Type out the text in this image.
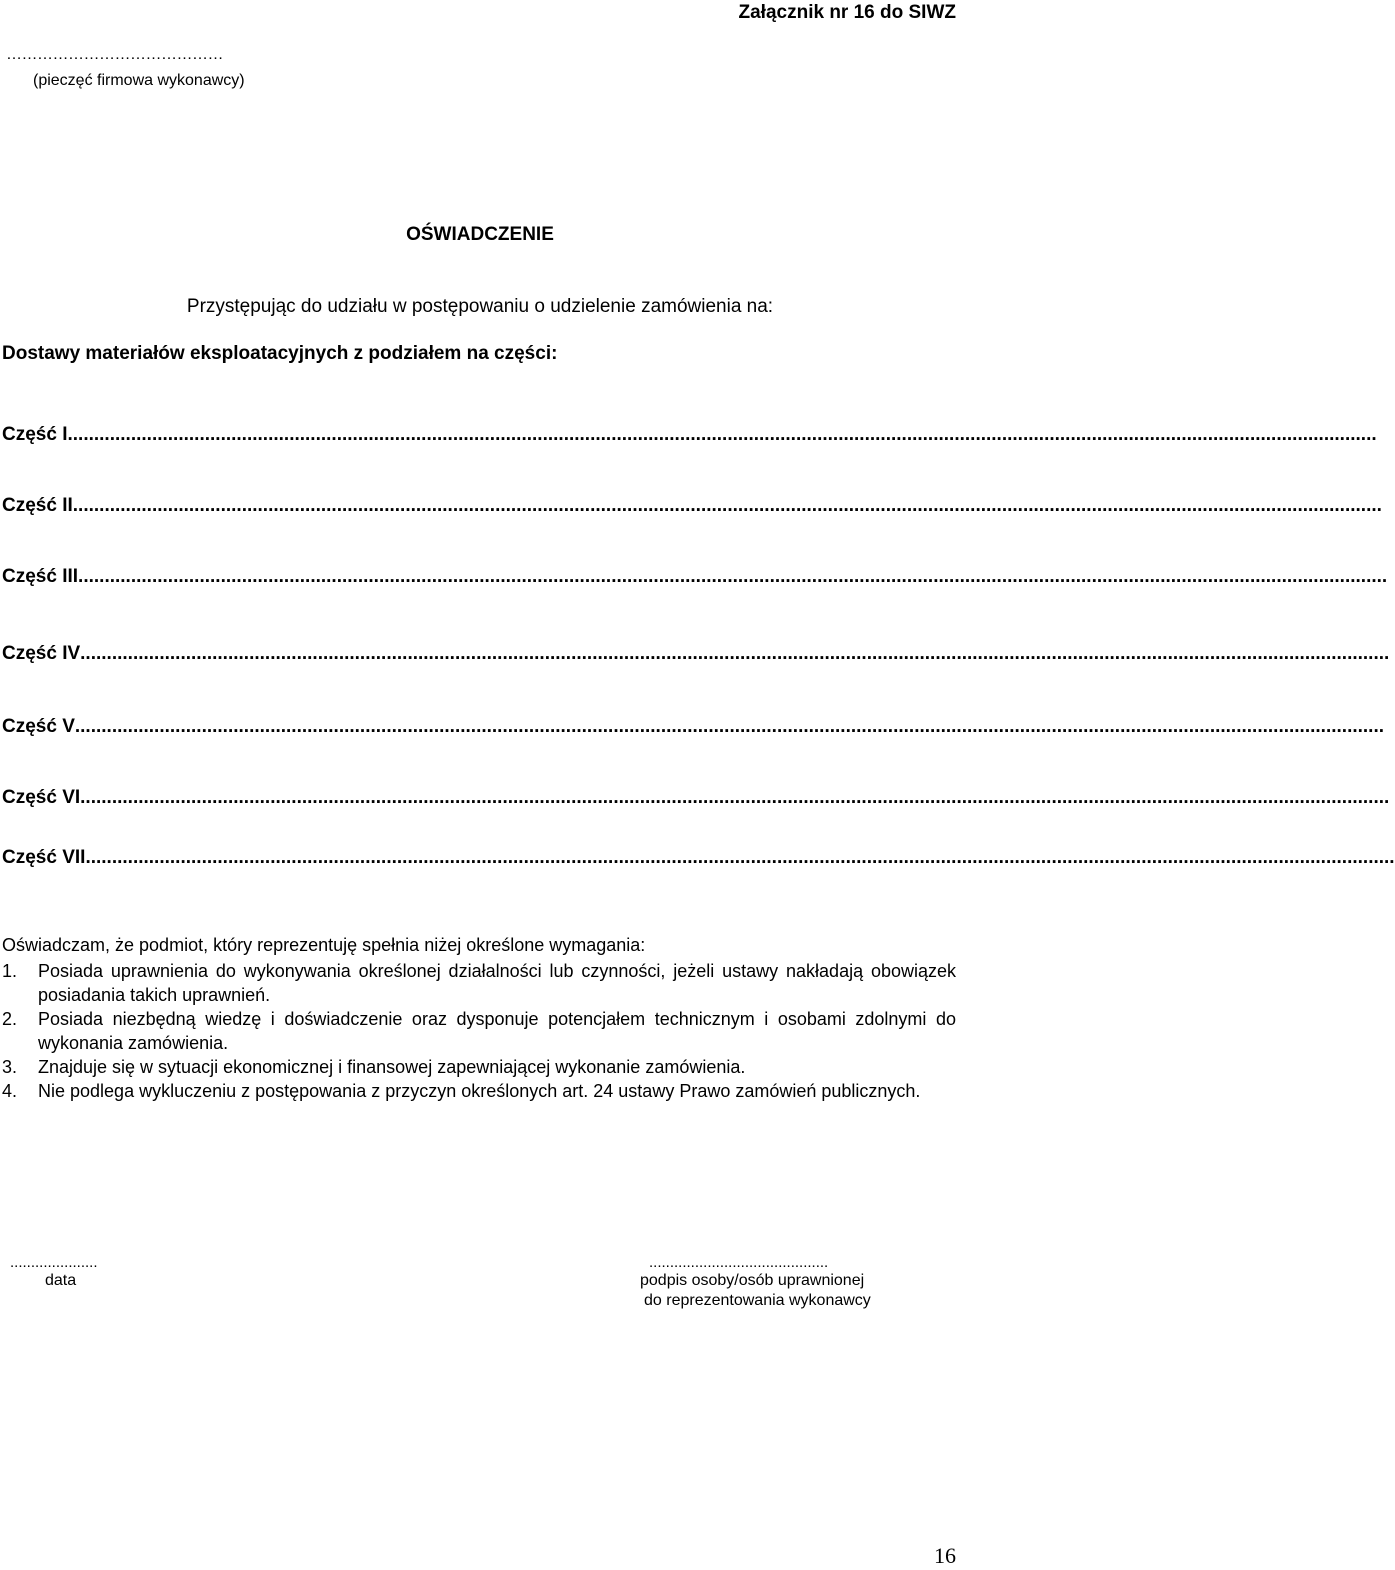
Załącznik nr 16 do SIWZ
……………………………………
(pieczęć firmowa wykonawcy)
OŚWIADCZENIE
Przystępując do udziału w postępowaniu o udzielenie zamówienia na:
Dostawy materiałów eksploatacyjnych z podziałem na części:
Część I ........................................................................................................................................................................................................................................................
Część II ........................................................................................................................................................................................................................................................
Część III ........................................................................................................................................................................................................................................................
Część IV ........................................................................................................................................................................................................................................................
Część V ........................................................................................................................................................................................................................................................
Część VI ........................................................................................................................................................................................................................................................
Część VII ........................................................................................................................................................................................................................................................
Oświadczam, że podmiot, który reprezentuję spełnia niżej określone wymagania:
1.	Posiada uprawnienia do wykonywania określonej działalności lub czynności, jeżeli ustawy nakładają obowiązek posiadania takich uprawnień.
2.	Posiada niezbędną wiedzę i doświadczenie oraz dysponuje potencjałem technicznym i osobami zdolnymi do wykonania zamówienia.
3.	Znajduje się w sytuacji ekonomicznej i finansowej zapewniającej wykonanie zamówienia.
4.	Nie podlega wykluczeniu z postępowania z przyczyn określonych art. 24 ustawy Prawo zamówień publicznych.
.....................
data
...........................................
podpis osoby/osób uprawnionej
do reprezentowania wykonawcy
16
